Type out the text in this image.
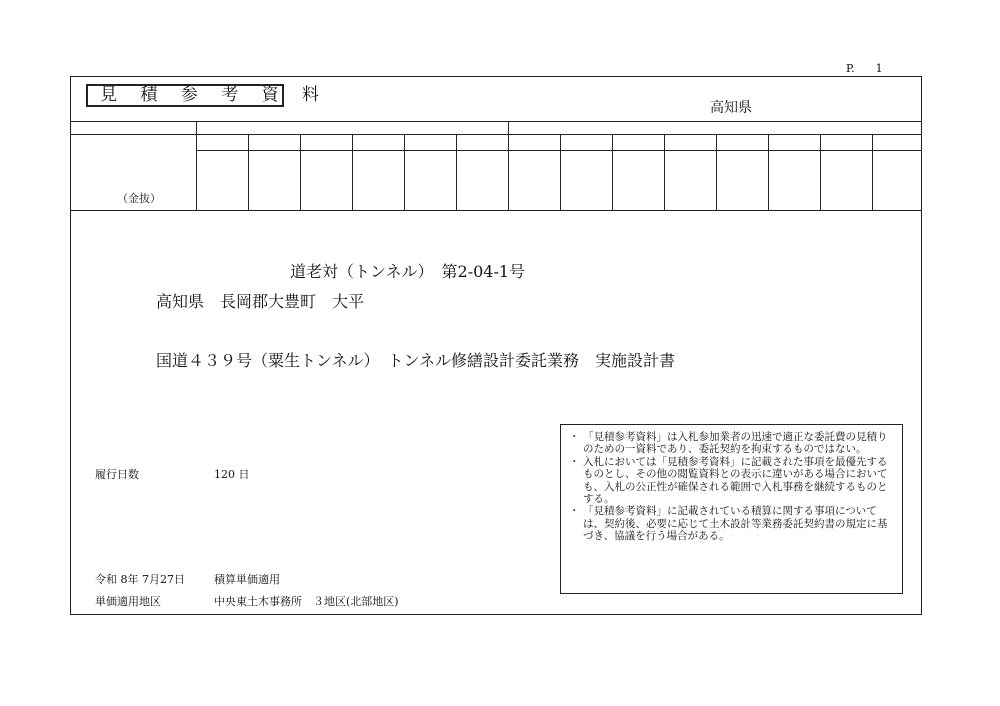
P.      1
見 積 参 考 資 料
高知県
（金抜）
道老対（トンネル）　第2-04-1号
高知県　長岡郡大豊町　大平
国道４３９号（粟生トンネル）　トンネル修繕設計委託業務　実施設計書
履行日数	120 日
令和 8年 7月27日	積算単価適用
単価適用地区	中央東土木事務所　３地区(北部地区)
・ 「見積参考資料」は入札参加業者の迅速で適正な委託費の見積りのための一資料であり、委託契約を拘束するものではない。
・ 入札においては「見積参考資料」に記載された事項を最優先するものとし、その他の閲覧資料との表示に違いがある場合においても、入札の公正性が確保される範囲で入札事務を継続するものとする。
・ 「見積参考資料」に記載されている積算に関する事項については、契約後、必要に応じて土木設計等業務委託契約書の規定に基づき、協議を行う場合がある。
